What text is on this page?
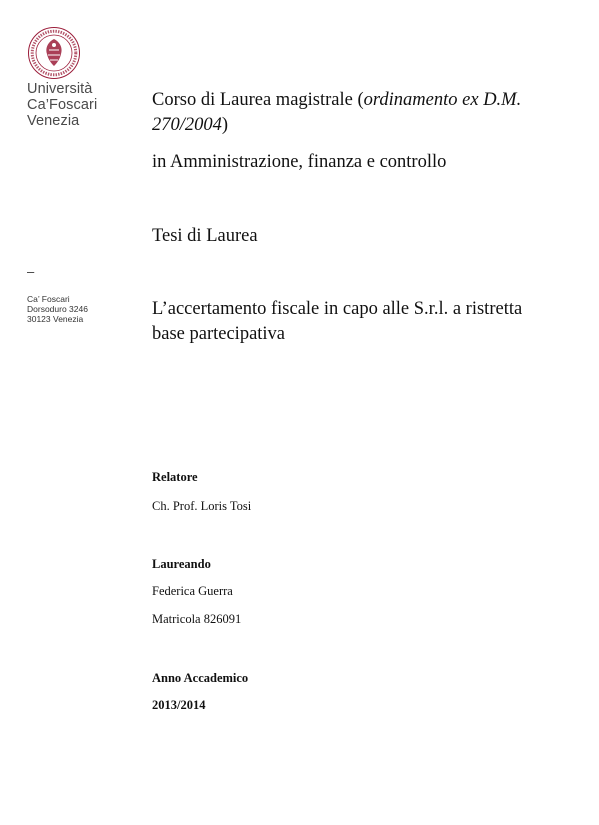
Università
Ca’Foscari
Venezia
–
Ca’ Foscari
Dorsoduro 3246
30123 Venezia
Corso di Laurea magistrale (ordinamento ex D.M. 270/2004)
in Amministrazione, finanza e controllo
Tesi di Laurea
L’accertamento fiscale in capo alle S.r.l. a ristretta base partecipativa
Relatore
Ch. Prof. Loris Tosi
Laureando
Federica Guerra
Matricola 826091
Anno Accademico
2013/2014
